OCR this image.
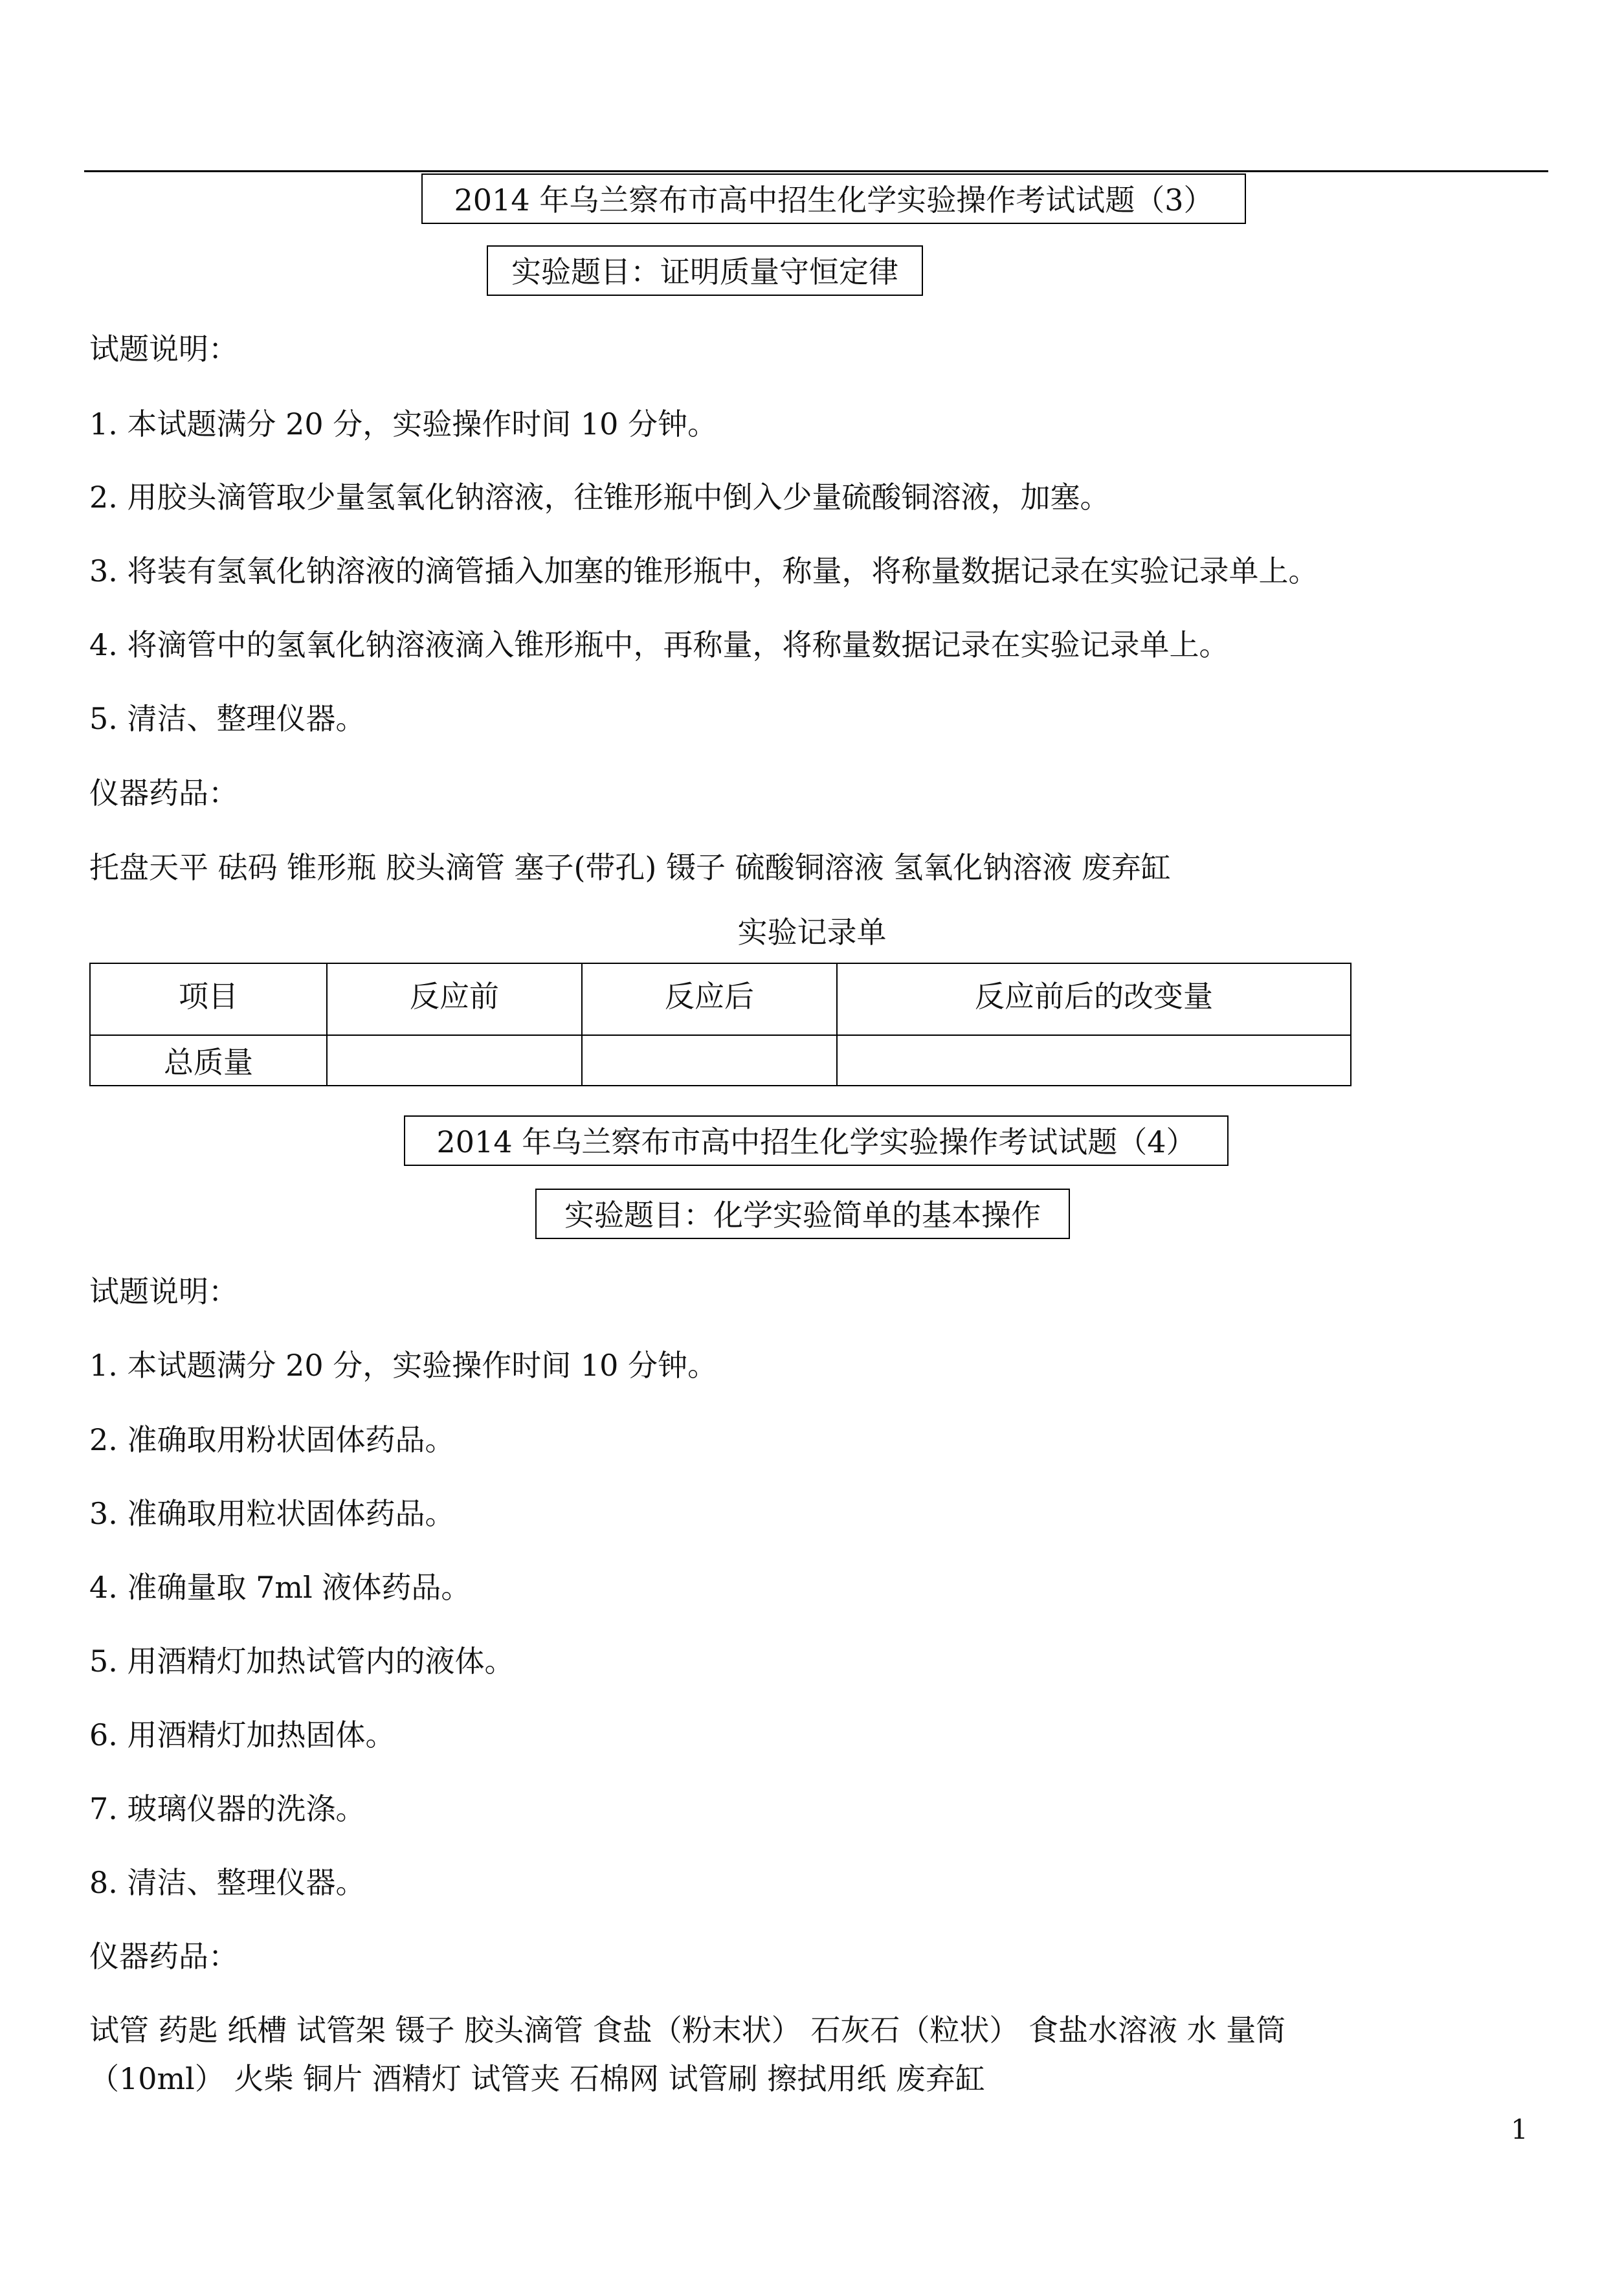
2014 年乌兰察布市高中招生化学实验操作考试试题（3）
实验题目：证明质量守恒定律
试题说明：
1. 本试题满分 20 分，实验操作时间 10 分钟。
2. 用胶头滴管取少量氢氧化钠溶液，往锥形瓶中倒入少量硫酸铜溶液，加塞。
3. 将装有氢氧化钠溶液的滴管插入加塞的锥形瓶中，称量，将称量数据记录在实验记录单上。
4. 将滴管中的氢氧化钠溶液滴入锥形瓶中，再称量，将称量数据记录在实验记录单上。
5. 清洁、整理仪器。
仪器药品：
托盘天平 砝码 锥形瓶 胶头滴管 塞子(带孔) 镊子 硫酸铜溶液 氢氧化钠溶液 废弃缸
实验记录单
项目	反应前	反应后	反应前后的改变量
总质量			
2014 年乌兰察布市高中招生化学实验操作考试试题（4）
实验题目：化学实验简单的基本操作
试题说明：
1. 本试题满分 20 分，实验操作时间 10 分钟。
2. 准确取用粉状固体药品。
3. 准确取用粒状固体药品。
4. 准确量取 7ml 液体药品。
5. 用酒精灯加热试管内的液体。
6. 用酒精灯加热固体。
7. 玻璃仪器的洗涤。
8. 清洁、整理仪器。
仪器药品：
试管 药匙 纸槽 试管架 镊子 胶头滴管 食盐（粉末状） 石灰石（粒状） 食盐水溶液 水 量筒
（10ml） 火柴 铜片 酒精灯 试管夹 石棉网 试管刷 擦拭用纸 废弃缸
1
